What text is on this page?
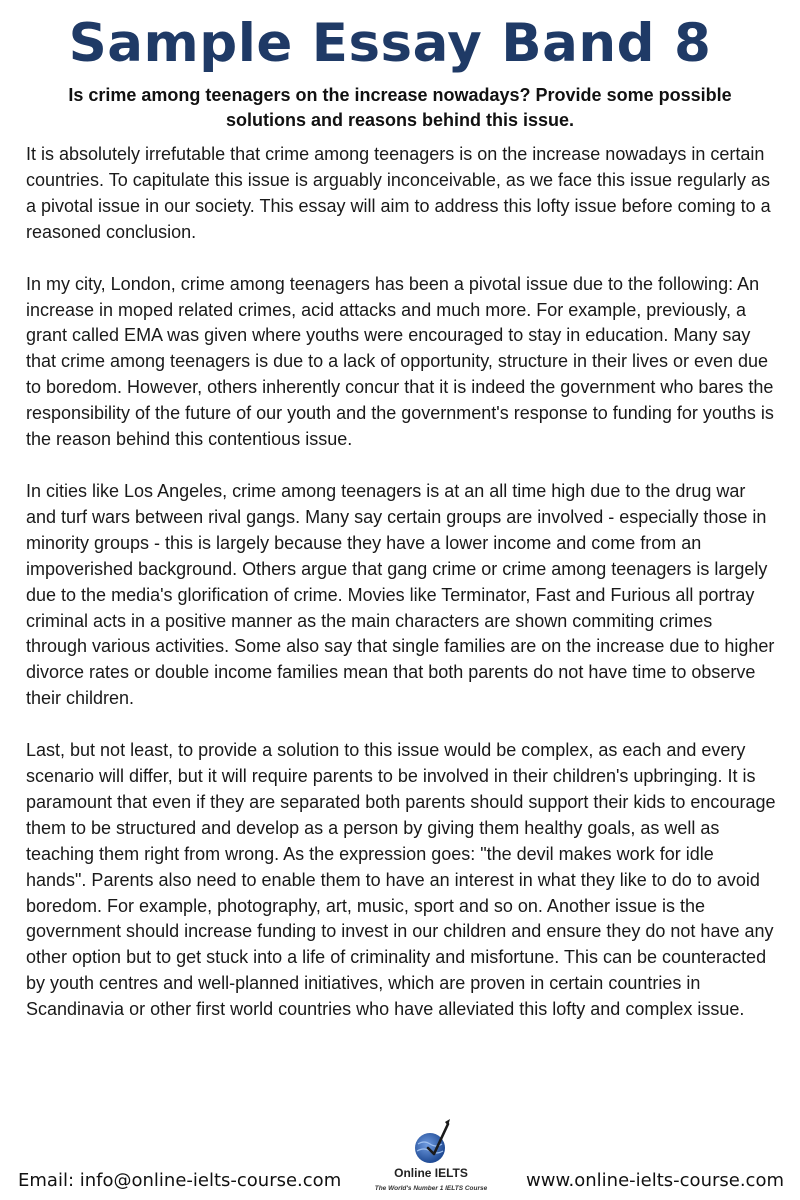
Sample Essay Band 8
Is crime among teenagers on the increase nowadays? Provide some possible solutions and reasons behind this issue.

It is absolutely irrefutable that crime among teenagers is on the increase nowadays in certain countries. To capitulate this issue is arguably inconceivable, as we face this issue regularly as a pivotal issue in our society. This essay will aim to address this lofty issue before coming to a reasoned conclusion.

In my city, London, crime among teenagers has been a pivotal issue due to the following: An increase in moped related crimes, acid attacks and much more. For example, previously, a grant called EMA was given where youths were encouraged to stay in education. Many say that crime among teenagers is due to a lack of opportunity, structure in their lives or even due to boredom. However, others inherently concur that it is indeed the government who bares the responsibility of the future of our youth and the government's response to funding for youths is the reason behind this contentious issue.

In cities like Los Angeles, crime among teenagers is at an all time high due to the drug war and turf wars between rival gangs. Many say certain groups are involved - especially those in minority groups - this is largely because they have a lower income and come from an impoverished background. Others argue that gang crime or crime among teenagers is largely due to the media's glorification of crime. Movies like Terminator, Fast and Furious all portray criminal acts in a positive manner as the main characters are shown commiting crimes through various activities. Some also say that single families are on the increase due to higher divorce rates or double income families mean that both parents do not have time to observe their children.

Last, but not least, to provide a solution to this issue would be complex, as each and every scenario will differ, but it will require parents to be involved in their children's upbringing. It is paramount that even if they are separated both parents should support their kids to encourage them to be structured and develop as a person by giving them healthy goals, as well as teaching them right from wrong. As the expression goes: "the devil makes work for idle hands". Parents also need to enable them to have an interest in what they like to do to avoid boredom. For example, photography, art, music, sport and so on. Another issue is the government should increase funding to invest in our children and ensure they do not have any other option but to get stuck into a life of criminality and misfortune. This can be counteracted by youth centres and well-planned initiatives, which are proven in certain countries in Scandinavia or other first world countries who have alleviated this lofty and complex issue.

Email: info@online-ielts-course.com	Online IELTS
The World's Number 1 IELTS Course www.online-ielts-course.com
